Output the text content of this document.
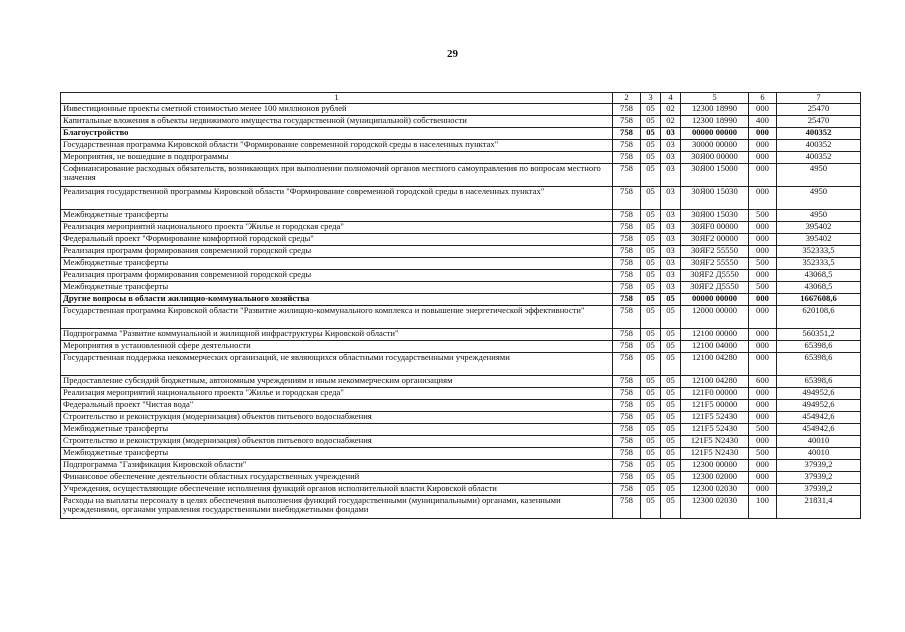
29
1	2	3	4	5	6	7
Инвестиционные проекты сметной стоимостью менее 100 миллионов рублей	758	05	02	12300 18990	000	25470
Капитальные вложения в объекты недвижимого имущества государственной (муниципальной) собственности	758	05	02	12300 18990	400	25470
Благоустройство	758	05	03	00000 00000	000	400352
Государственная программа Кировской области "Формирование современной городской среды в населенных пунктах"	758	05	03	30000 00000	000	400352
Мероприятия, не вошедшие в подпрограммы	758	05	03	30Я00 00000	000	400352
Софинансирование расходных обязательств, возникающих при выполнении полномочий органов местного самоуправления по вопросам местного значения	758	05	03	30Я00 15000	000	4950
Реализация государственной программы Кировской области "Формирование современной городской среды в населенных пунктах"	758	05	03	30Я00 15030	000	4950
Межбюджетные трансферты	758	05	03	30Я00 15030	500	4950
Реализация мероприятий национального проекта "Жилье и городская среда"	758	05	03	30ЯF0 00000	000	395402
Федеральный проект "Формирование комфортной городской среды"	758	05	03	30ЯF2 00000	000	395402
Реализация программ формирования современной городской среды	758	05	03	30ЯF2 55550	000	352333,5
Межбюджетные трансферты	758	05	03	30ЯF2 55550	500	352333,5
Реализация программ формирования современной городской среды	758	05	03	30ЯF2 Д5550	000	43068,5
Межбюджетные трансферты	758	05	03	30ЯF2 Д5550	500	43068,5
Другие вопросы в области жилищно-коммунального хозяйства	758	05	05	00000 00000	000	1667608,6
Государственная программа Кировской области "Развитие жилищно-коммунального комплекса и повышение энергетической эффективности"	758	05	05	12000 00000	000	620108,6
Подпрограмма "Развитие коммунальной и жилищной инфраструктуры Кировской области"	758	05	05	12100 00000	000	560351,2
Мероприятия в установленной сфере деятельности	758	05	05	12100 04000	000	65398,6
Государственная поддержка некоммерческих организаций, не являющихся областными государственными учреждениями	758	05	05	12100 04280	000	65398,6
Предоставление субсидий бюджетным, автономным учреждениям и иным некоммерческим организациям	758	05	05	12100 04280	600	65398,6
Реализация мероприятий национального проекта "Жилье и городская среда"	758	05	05	121F0 00000	000	494952,6
Федеральный проект "Чистая вода"	758	05	05	121F5 00000	000	494952,6
Строительство и реконструкция (модернизация) объектов питьевого водоснабжения	758	05	05	121F5 52430	000	454942,6
Межбюджетные трансферты	758	05	05	121F5 52430	500	454942,6
Строительство и реконструкция (модернизация) объектов питьевого водоснабжения	758	05	05	121F5 N2430	000	40010
Межбюджетные трансферты	758	05	05	121F5 N2430	500	40010
Подпрограмма "Газификация Кировской области"	758	05	05	12300 00000	000	37939,2
Финансовое обеспечение деятельности областных государственных учреждений	758	05	05	12300 02000	000	37939,2
Учреждения, осуществляющие обеспечение исполнения функций органов исполнительной власти Кировской области	758	05	05	12300 02030	000	37939,2
Расходы на выплаты персоналу в целях обеспечения выполнения функций государственными (муниципальными) органами, казенными учреждениями, органами управления государственными внебюджетными фондами	758	05	05	12300 02030	100	21831,4
